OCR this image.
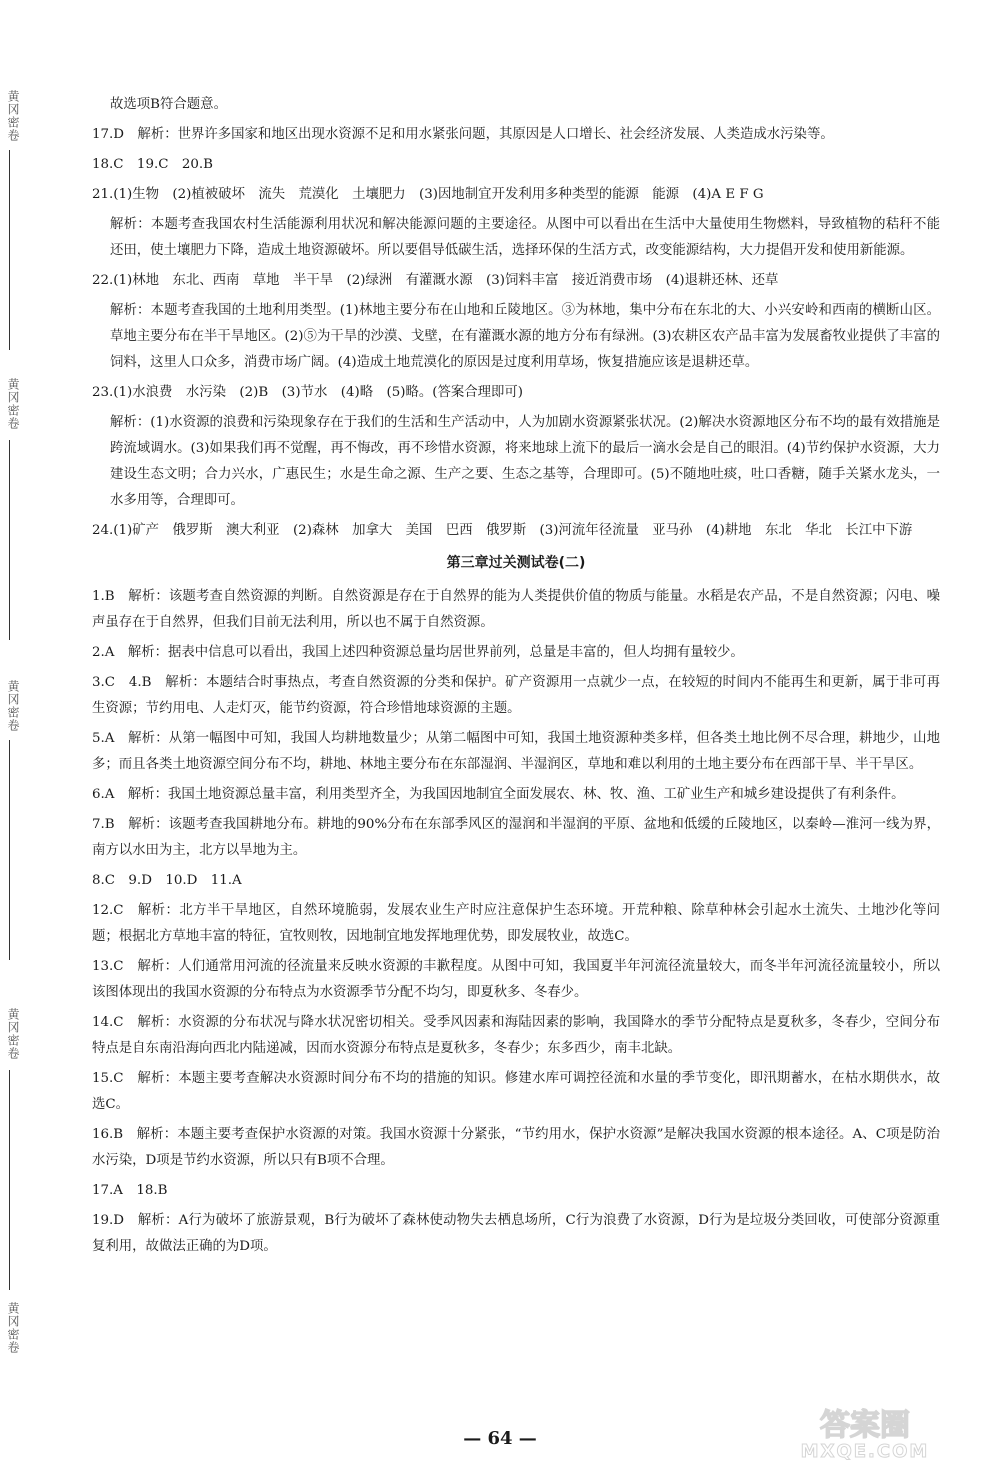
黄冈密卷
黄冈密卷
黄冈密卷
黄冈密卷
黄冈密卷

故选项B符合题意。

17.D　解析：世界许多国家和地区出现水资源不足和用水紧张问题，其原因是人口增长、社会经济发展、人类造成水污染等。

18.C　19.C　20.B

21.(1)生物　(2)植被破坏　流失　荒漠化　土壤肥力　(3)因地制宜开发利用多种类型的能源　能源　(4)A E F G

解析：本题考查我国农村生活能源利用状况和解决能源问题的主要途径。从图中可以看出在生活中大量使用生物燃料，导致植物的秸秆不能还田，使土壤肥力下降，造成土地资源破坏。所以要倡导低碳生活，选择环保的生活方式，改变能源结构，大力提倡开发和使用新能源。

22.(1)林地　东北、西南　草地　半干旱　(2)绿洲　有灌溉水源　(3)饲料丰富　接近消费市场　(4)退耕还林、还草

解析：本题考查我国的土地利用类型。(1)林地主要分布在山地和丘陵地区。③为林地，集中分布在东北的大、小兴安岭和西南的横断山区。草地主要分布在半干旱地区。(2)⑤为干旱的沙漠、戈壁，在有灌溉水源的地方分布有绿洲。(3)农耕区农产品丰富为发展畜牧业提供了丰富的饲料，这里人口众多，消费市场广阔。(4)造成土地荒漠化的原因是过度利用草场，恢复措施应该是退耕还草。

23.(1)水浪费　水污染　(2)B　(3)节水　(4)略　(5)略。(答案合理即可)

解析：(1)水资源的浪费和污染现象存在于我们的生活和生产活动中，人为加剧水资源紧张状况。(2)解决水资源地区分布不均的最有效措施是跨流域调水。(3)如果我们再不觉醒，再不悔改，再不珍惜水资源，将来地球上流下的最后一滴水会是自己的眼泪。(4)节约保护水资源，大力建设生态文明；合力兴水，广惠民生；水是生命之源、生产之要、生态之基等，合理即可。(5)不随地吐痰，吐口香糖，随手关紧水龙头，一水多用等，合理即可。

24.(1)矿产　俄罗斯　澳大利亚　(2)森林　加拿大　美国　巴西　俄罗斯　(3)河流年径流量　亚马孙　(4)耕地　东北　华北　长江中下游

第三章过关测试卷(二)

1.B　解析：该题考查自然资源的判断。自然资源是存在于自然界的能为人类提供价值的物质与能量。水稻是农产品，不是自然资源；闪电、噪声虽存在于自然界，但我们目前无法利用，所以也不属于自然资源。

2.A　解析：据表中信息可以看出，我国上述四种资源总量均居世界前列，总量是丰富的，但人均拥有量较少。

3.C　4.B　解析：本题结合时事热点，考查自然资源的分类和保护。矿产资源用一点就少一点，在较短的时间内不能再生和更新，属于非可再生资源；节约用电、人走灯灭，能节约资源，符合珍惜地球资源的主题。

5.A　解析：从第一幅图中可知，我国人均耕地数量少；从第二幅图中可知，我国土地资源种类多样，但各类土地比例不尽合理，耕地少，山地多；而且各类土地资源空间分布不均，耕地、林地主要分布在东部湿润、半湿润区，草地和难以利用的土地主要分布在西部干旱、半干旱区。

6.A　解析：我国土地资源总量丰富，利用类型齐全，为我国因地制宜全面发展农、林、牧、渔、工矿业生产和城乡建设提供了有利条件。

7.B　解析：该题考查我国耕地分布。耕地的90%分布在东部季风区的湿润和半湿润的平原、盆地和低缓的丘陵地区，以秦岭—淮河一线为界，南方以水田为主，北方以旱地为主。

8.C　9.D　10.D　11.A

12.C　解析：北方半干旱地区，自然环境脆弱，发展农业生产时应注意保护生态环境。开荒种粮、除草种林会引起水土流失、土地沙化等问题；根据北方草地丰富的特征，宜牧则牧，因地制宜地发挥地理优势，即发展牧业，故选C。

13.C　解析：人们通常用河流的径流量来反映水资源的丰歉程度。从图中可知，我国夏半年河流径流量较大，而冬半年河流径流量较小，所以该图体现出的我国水资源的分布特点为水资源季节分配不均匀，即夏秋多、冬春少。

14.C　解析：水资源的分布状况与降水状况密切相关。受季风因素和海陆因素的影响，我国降水的季节分配特点是夏秋多，冬春少，空间分布特点是自东南沿海向西北内陆递减，因而水资源分布特点是夏秋多，冬春少；东多西少，南丰北缺。

15.C　解析：本题主要考查解决水资源时间分布不均的措施的知识。修建水库可调控径流和水量的季节变化，即汛期蓄水，在枯水期供水，故选C。

16.B　解析：本题主要考查保护水资源的对策。我国水资源十分紧张，“节约用水，保护水资源”是解决我国水资源的根本途径。A、C项是防治水污染，D项是节约水资源，所以只有B项不合理。

17.A　18.B

19.D　解析：A行为破坏了旅游景观，B行为破坏了森林使动物失去栖息场所，C行为浪费了水资源，D行为是垃圾分类回收，可使部分资源重复利用，故做法正确的为D项。

— 64 —	答案圈
MXQE.COM
